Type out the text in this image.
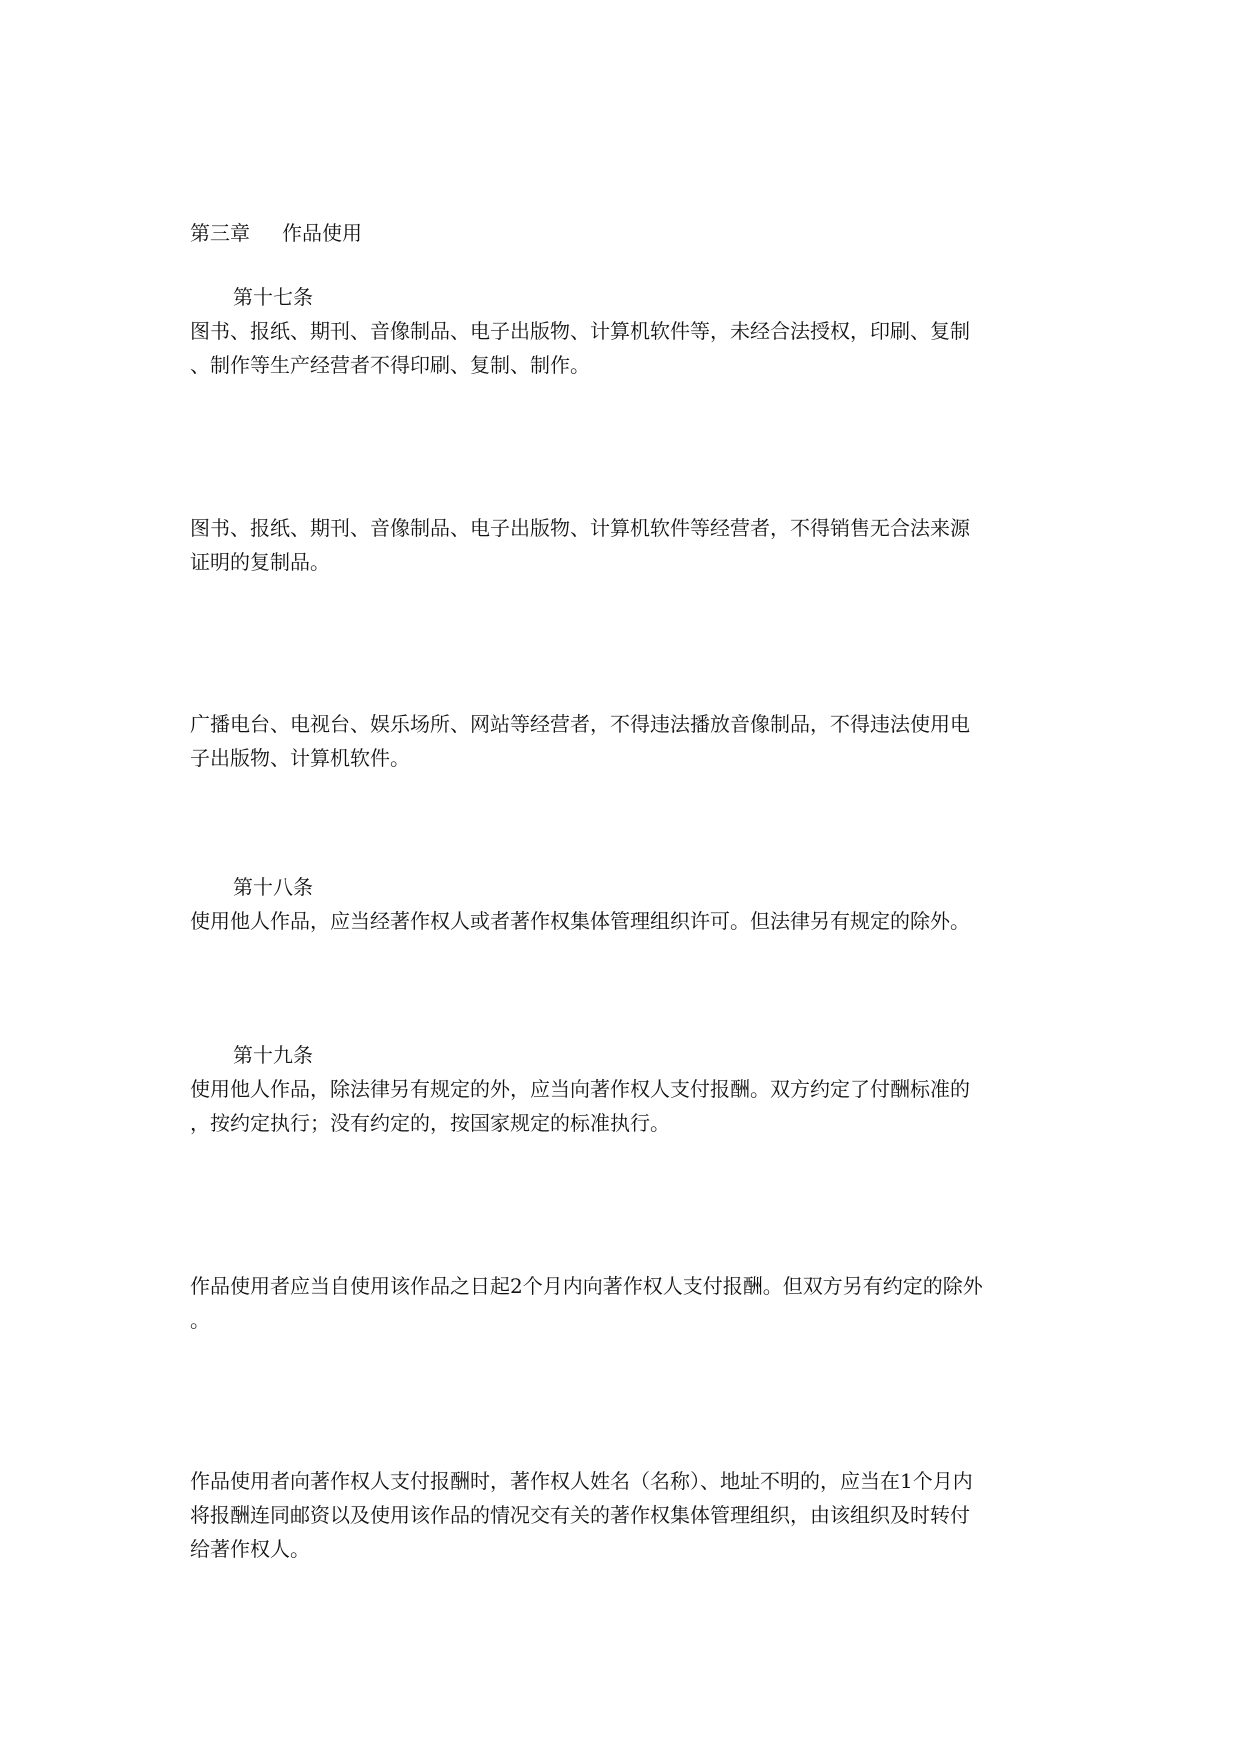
第三章 作品使用
第十七条
图书、报纸、期刊、音像制品、电子出版物、计算机软件等，未经合法授权，印刷、复制
、制作等生产经营者不得印刷、复制、制作。
图书、报纸、期刊、音像制品、电子出版物、计算机软件等经营者，不得销售无合法来源
证明的复制品。
广播电台、电视台、娱乐场所、网站等经营者，不得违法播放音像制品，不得违法使用电
子出版物、计算机软件。
第十八条
使用他人作品，应当经著作权人或者著作权集体管理组织许可。但法律另有规定的除外。
第十九条
使用他人作品，除法律另有规定的外，应当向著作权人支付报酬。双方约定了付酬标准的
，按约定执行；没有约定的，按国家规定的标准执行。
作品使用者应当自使用该作品之日起2个月内向著作权人支付报酬。但双方另有约定的除外
。
作品使用者向著作权人支付报酬时，著作权人姓名（名称）、地址不明的，应当在1个月内
将报酬连同邮资以及使用该作品的情况交有关的著作权集体管理组织，由该组织及时转付
给著作权人。
